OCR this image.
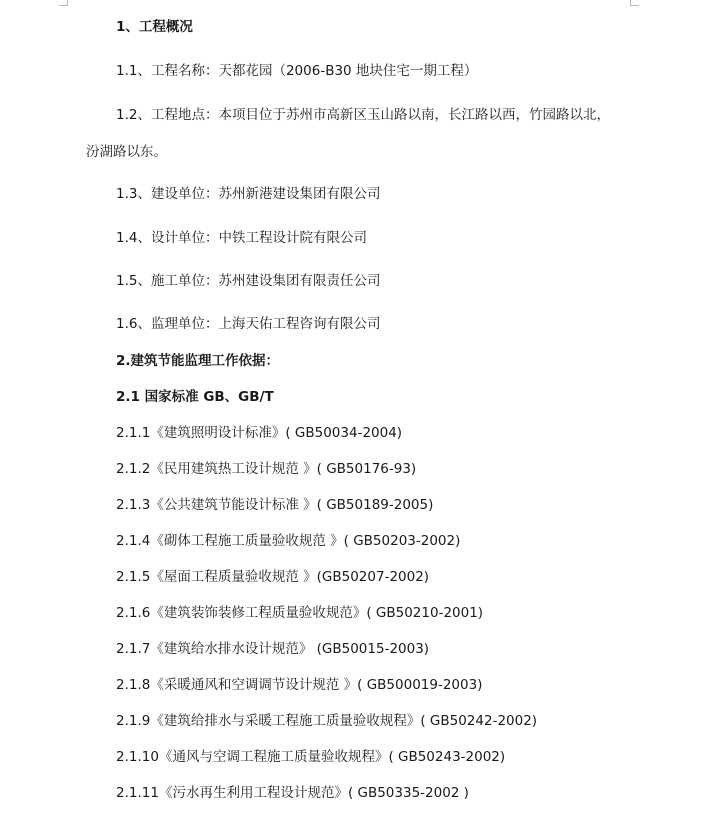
1、工程概况
1.1、工程名称：天都花园（2006-B30 地块住宅一期工程）
1.2、工程地点：本项目位于苏州市高新区玉山路以南，长江路以西，竹园路以北，
汾湖路以东。
1.3、建设单位：苏州新港建设集团有限公司
1.4、设计单位：中铁工程设计院有限公司
1.5、施工单位：苏州建设集团有限责任公司
1.6、监理单位：上海天佑工程咨询有限公司
2.建筑节能监理工作依据：
2.1 国家标准 GB、GB/T
2.1.1《建筑照明设计标准》( GB50034-2004)
2.1.2《民用建筑热工设计规范 》( GB50176-93)
2.1.3《公共建筑节能设计标准 》( GB50189-2005)
2.1.4《砌体工程施工质量验收规范 》( GB50203-2002)
2.1.5《屋面工程质量验收规范 》(GB50207-2002)
2.1.6《建筑装饰装修工程质量验收规范》( GB50210-2001)
2.1.7《建筑给水排水设计规范》 (GB50015-2003)
2.1.8《采暖通风和空调调节设计规范 》( GB500019-2003)
2.1.9《建筑给排水与采暖工程施工质量验收规程》( GB50242-2002)
2.1.10《通风与空调工程施工质量验收规程》( GB50243-2002)
2.1.11《污水再生利用工程设计规范》( GB50335-2002 )
